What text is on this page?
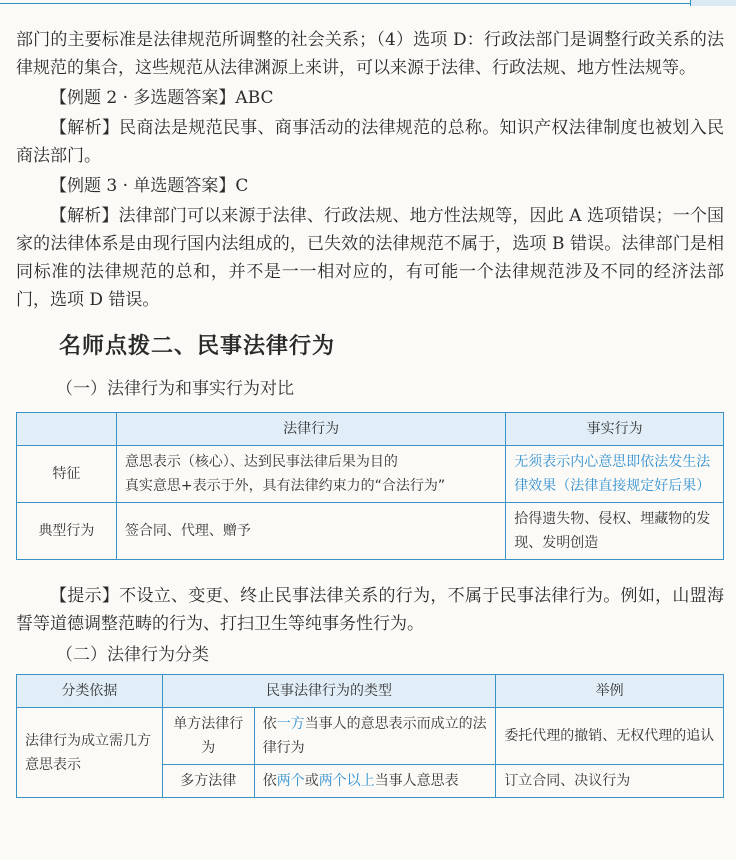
部门的主要标准是法律规范所调整的社会关系；（4）选项 D：行政法部门是调整行政关系的法律规范的集合，这些规范从法律渊源上来讲，可以来源于法律、行政法规、地方性法规等。

【例题 2 · 多选题答案】ABC

【解析】民商法是规范民事、商事活动的法律规范的总称。知识产权法律制度也被划入民商法部门。

【例题 3 · 单选题答案】C

【解析】法律部门可以来源于法律、行政法规、地方性法规等，因此 A 选项错误；一个国家的法律体系是由现行国内法组成的，已失效的法律规范不属于，选项 B 错误。法律部门是相同标准的法律规范的总和，并不是一一相对应的，有可能一个法律规范涉及不同的经济法部门，选项 D 错误。

名师点拨二、民事法律行为
（一）法律行为和事实行为对比
	法律行为	事实行为
特征	意思表示（核心）、达到民事法律后果为目的
真实意思+表示于外，具有法律约束力的“合法行为”	无须表示内心意思即依法发生法律效果（法律直接规定好后果）
典型行为	签合同、代理、赠予	拾得遗失物、侵权、埋藏物的发现、发明创造

【提示】不设立、变更、终止民事法律关系的行为，不属于民事法律行为。例如，山盟海誓等道德调整范畴的行为、打扫卫生等纯事务性行为。

（二）法律行为分类
分类依据	民事法律行为的类型		举例
法律行为成立需几方意思表示	单方法律行为	依一方当事人的意思表示而成立的法律行为	委托代理的撤销、无权代理的追认
	多方法律	依两个或两个以上当事人意思表	订立合同、决议行为
